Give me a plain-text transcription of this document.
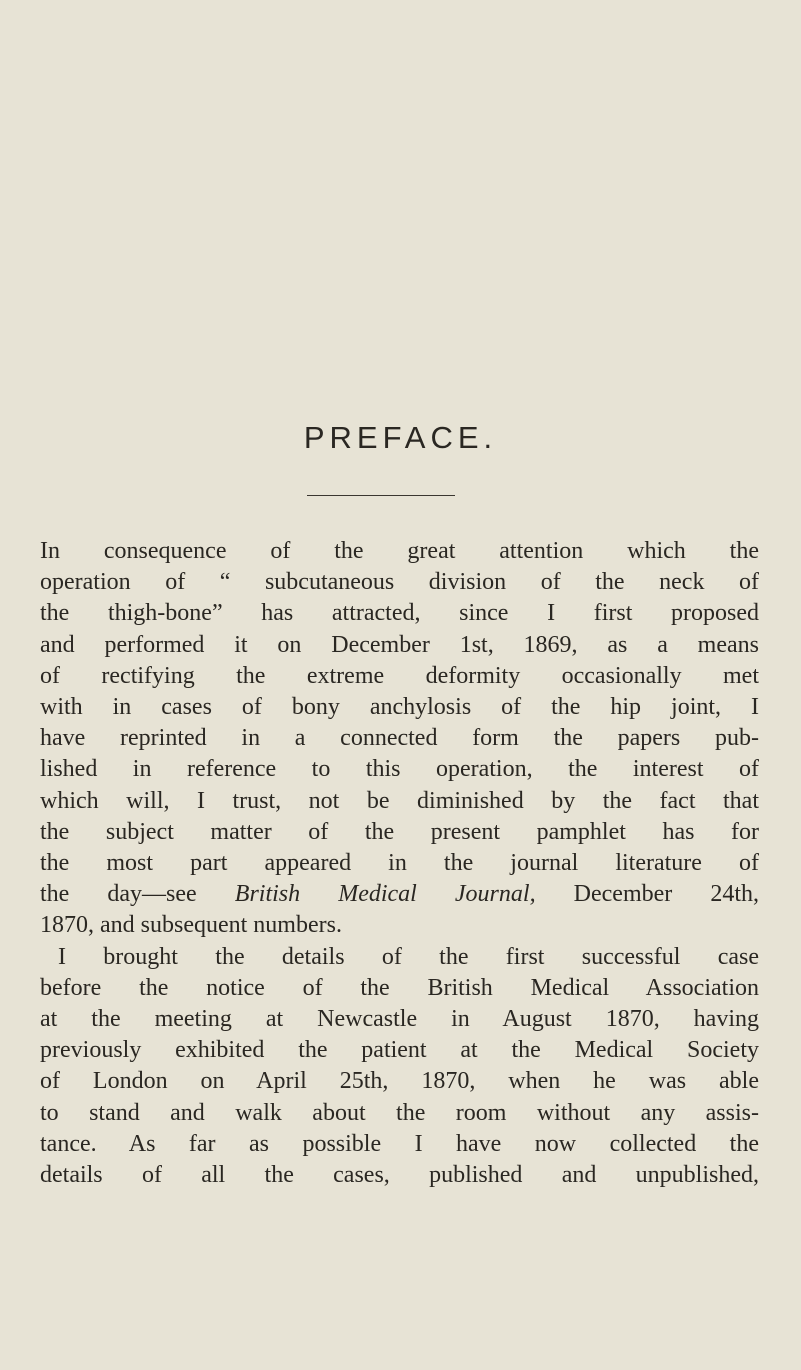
PREFACE.
In consequence of the great attention which the
operation of “ subcutaneous division of the neck of
the thigh-bone” has attracted, since I first proposed
and performed it on December 1st, 1869, as a means
of rectifying the extreme deformity occasionally met
with in cases of bony anchylosis of the hip joint, I
have reprinted in a connected form the papers pub-
lished in reference to this operation, the interest of
which will, I trust, not be diminished by the fact that
the subject matter of the present pamphlet has for
the most part appeared in the journal literature of
the day—see British Medical Journal, December 24th,
1870, and subsequent numbers.
I brought the details of the first successful case
before the notice of the British Medical Association
at the meeting at Newcastle in August 1870, having
previously exhibited the patient at the Medical Society
of London on April 25th, 1870, when he was able
to stand and walk about the room without any assis-
tance. As far as possible I have now collected the
details of all the cases, published and unpublished,
